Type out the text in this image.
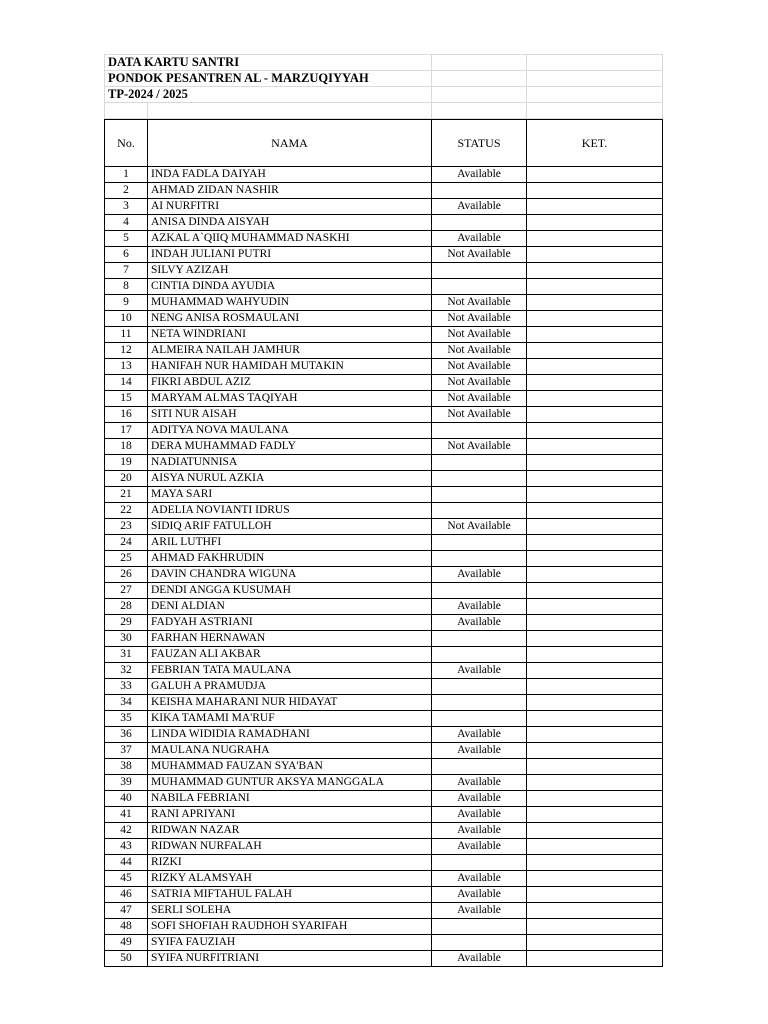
DATA KARTU SANTRI			
PONDOK PESANTREN AL - MARZUQIYYAH			
TP-2024 / 2025			

No.	NAMA	STATUS	KET.
1	INDA FADLA DAIYAH	Available	
2	AHMAD ZIDAN NASHIR		
3	AI NURFITRI	Available	
4	ANISA DINDA AISYAH		
5	AZKAL A`QIIQ MUHAMMAD NASKHI	Available	
6	INDAH JULIANI PUTRI	Not Available	
7	SILVY AZIZAH		
8	CINTIA DINDA AYUDIA		
9	MUHAMMAD WAHYUDIN	Not Available	
10	NENG ANISA ROSMAULANI	Not Available	
11	NETA WINDRIANI	Not Available	
12	ALMEIRA NAILAH JAMHUR	Not Available	
13	HANIFAH NUR HAMIDAH MUTAKIN	Not Available	
14	FIKRI ABDUL AZIZ	Not Available	
15	MARYAM ALMAS TAQIYAH	Not Available	
16	SITI NUR AISAH	Not Available	
17	ADITYA NOVA MAULANA		
18	DERA MUHAMMAD FADLY	Not Available	
19	NADIATUNNISA		
20	AISYA NURUL AZKIA		
21	MAYA SARI		
22	ADELIA NOVIANTI IDRUS		
23	SIDIQ ARIF FATULLOH	Not Available	
24	ARIL LUTHFI		
25	AHMAD FAKHRUDIN		
26	DAVIN CHANDRA WIGUNA	Available	
27	DENDI ANGGA KUSUMAH		
28	DENI ALDIAN	Available	
29	FADYAH ASTRIANI	Available	
30	FARHAN HERNAWAN		
31	FAUZAN ALI AKBAR		
32	FEBRIAN TATA MAULANA	Available	
33	GALUH A PRAMUDJA		
34	KEISHA MAHARANI NUR HIDAYAT		
35	KIKA TAMAMI MA'RUF		
36	LINDA WIDIDIA RAMADHANI	Available	
37	MAULANA NUGRAHA	Available	
38	MUHAMMAD FAUZAN SYA'BAN		
39	MUHAMMAD GUNTUR AKSYA MANGGALA	Available	
40	NABILA FEBRIANI	Available	
41	RANI APRIYANI	Available	
42	RIDWAN NAZAR	Available	
43	RIDWAN NURFALAH	Available	
44	RIZKI		
45	RIZKY ALAMSYAH	Available	
46	SATRIA MIFTAHUL FALAH	Available	
47	SERLI SOLEHA	Available	
48	SOFI SHOFIAH RAUDHOH SYARIFAH		
49	SYIFA FAUZIAH		
50	SYIFA NURFITRIANI	Available	
